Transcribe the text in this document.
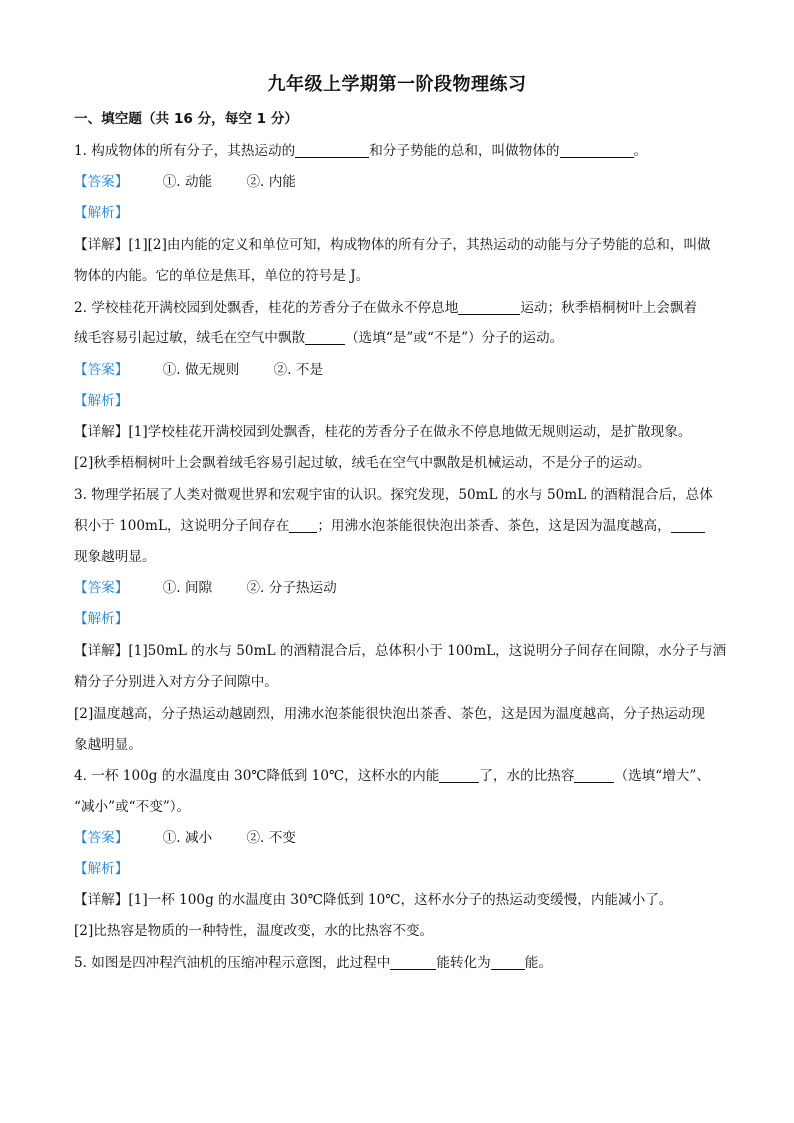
九年级上学期第一阶段物理练习
一、填空题（共 16 分，每空 1 分）
1. 构成物体的所有分子，其热运动的	和分子势能的总和，叫做物体的	。
【答案】	①. 动能	②. 内能
【解析】
【详解】[1][2]由内能的定义和单位可知，构成物体的所有分子，其热运动的动能与分子势能的总和，叫做
物体的内能。它的单位是焦耳，单位的符号是 J。
2. 学校桂花开满校园到处飘香，桂花的芳香分子在做永不停息地	运动；秋季梧桐树叶上会飘着
绒毛容易引起过敏，绒毛在空气中飘散	（选填“是”或“不是”）分子的运动。
【答案】	①. 做无规则	②. 不是
【解析】
【详解】[1]学校桂花开满校园到处飘香，桂花的芳香分子在做永不停息地做无规则运动，是扩散现象。
[2]秋季梧桐树叶上会飘着绒毛容易引起过敏，绒毛在空气中飘散是机械运动，不是分子的运动。
3. 物理学拓展了人类对微观世界和宏观宇宙的认识。探究发现，50mL 的水与 50mL 的酒精混合后，总体
积小于 100mL，这说明分子间存在 ；用沸水泡茶能很快泡出茶香、茶色，这是因为温度越高，
现象越明显。
【答案】	①. 间隙	②. 分子热运动
【解析】
【详解】[1]50mL 的水与 50mL 的酒精混合后，总体积小于 100mL，这说明分子间存在间隙，水分子与酒
精分子分别进入对方分子间隙中。
[2]温度越高，分子热运动越剧烈，用沸水泡茶能很快泡出茶香、茶色，这是因为温度越高，分子热运动现
象越明显。
4. 一杯 100g 的水温度由 30℃降低到 10℃，这杯水的内能	了，水的比热容	（选填“增大”、
“减小”或“不变”）。
【答案】	①. 减小	②. 不变
【解析】
【详解】[1]一杯 100g 的水温度由 30℃降低到 10℃，这杯水分子的热运动变缓慢，内能减小了。
[2]比热容是物质的一种特性，温度改变，水的比热容不变。
5. 如图是四冲程汽油机的压缩冲程示意图，此过程中	能转化为	能。
